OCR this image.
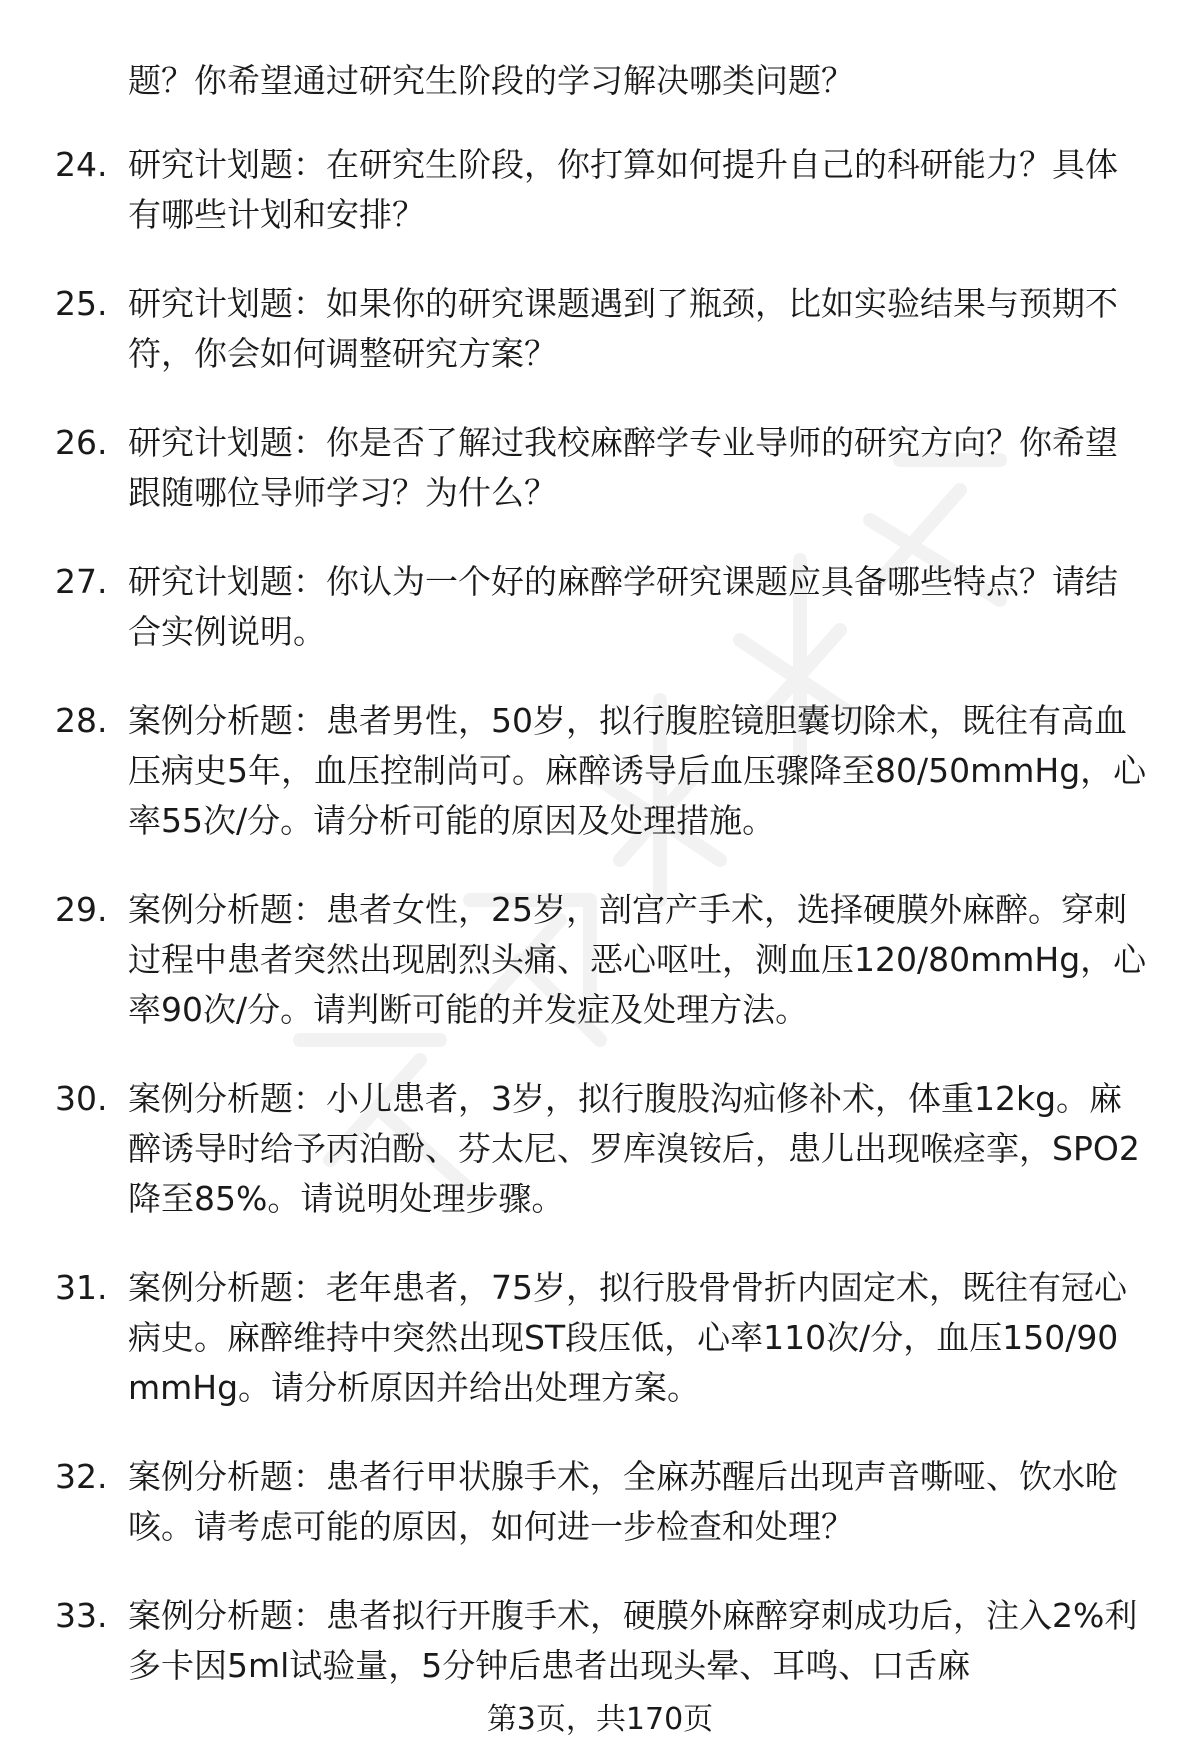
题？你希望通过研究生阶段的学习解决哪类问题？

24. 研究计划题：在研究生阶段，你打算如何提升自己的科研能力？具体有哪些计划和安排？
25. 研究计划题：如果你的研究课题遇到了瓶颈，比如实验结果与预期不符，你会如何调整研究方案？
26. 研究计划题：你是否了解过我校麻醉学专业导师的研究方向？你希望跟随哪位导师学习？为什么？
27. 研究计划题：你认为一个好的麻醉学研究课题应具备哪些特点？请结合实例说明。
28. 案例分析题：患者男性，50岁，拟行腹腔镜胆囊切除术，既往有高血压病史5年，血压控制尚可。麻醉诱导后血压骤降至80/50mmHg，心率55次/分。请分析可能的原因及处理措施。
29. 案例分析题：患者女性，25岁，剖宫产手术，选择硬膜外麻醉。穿刺过程中患者突然出现剧烈头痛、恶心呕吐，测血压120/80mmHg，心率90次/分。请判断可能的并发症及处理方法。
30. 案例分析题：小儿患者，3岁，拟行腹股沟疝修补术，体重12kg。麻醉诱导时给予丙泊酚、芬太尼、罗库溴铵后，患儿出现喉痉挛，SPO2降至85%。请说明处理步骤。
31. 案例分析题：老年患者，75岁，拟行股骨骨折内固定术，既往有冠心病史。麻醉维持中突然出现ST段压低，心率110次/分，血压150/90mmHg。请分析原因并给出处理方案。
32. 案例分析题：患者行甲状腺手术，全麻苏醒后出现声音嘶哑、饮水呛咳。请考虑可能的原因，如何进一步检查和处理？
33. 案例分析题：患者拟行开腹手术，硬膜外麻醉穿刺成功后，注入2%利多卡因5ml试验量，5分钟后患者出现头晕、耳鸣、口舌麻
第3页，共170页
